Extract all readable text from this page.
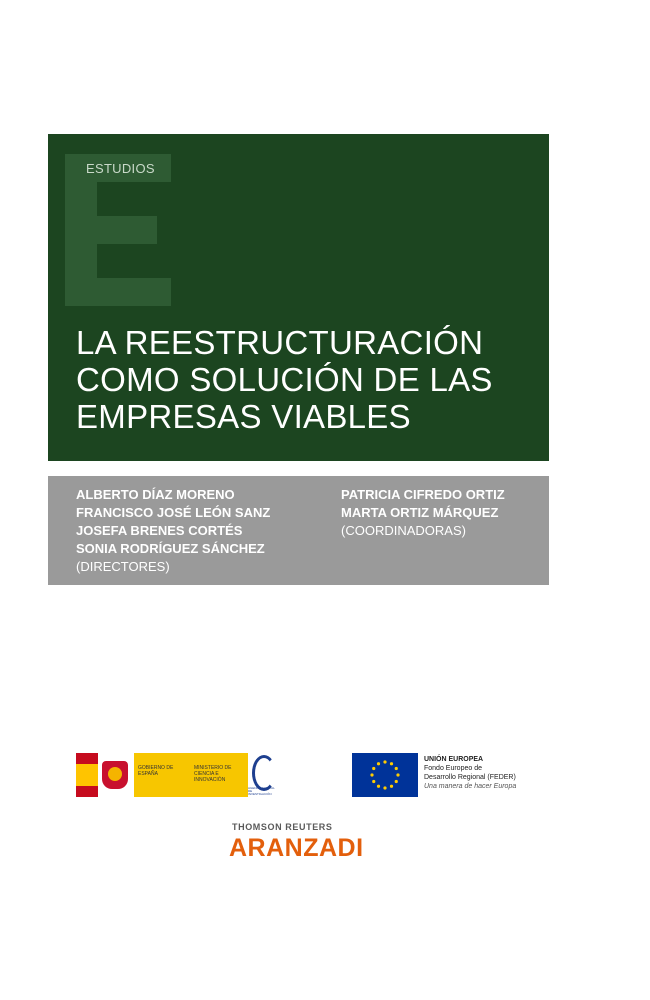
ESTUDIOS
LA REESTRUCTURACIÓN
COMO SOLUCIÓN DE LAS
EMPRESAS VIABLES
ALBERTO DÍAZ MORENO
FRANCISCO JOSÉ LEÓN SANZ
JOSEFA BRENES CORTÉS
SONIA RODRÍGUEZ SÁNCHEZ
(DIRECTORES)
PATRICIA CIFREDO ORTIZ
MARTA ORTIZ MÁRQUEZ
(COORDINADORAS)
GOBIERNO DE ESPAÑA
MINISTERIO DE CIENCIA E INNOVACIÓN
AGENCIA ESTATAL DE INVESTIGACIÓN
UNIÓN EUROPEA
Fondo Europeo de
Desarrollo Regional (FEDER)
Una manera de hacer Europa
THOMSON REUTERS
ARANZADI
